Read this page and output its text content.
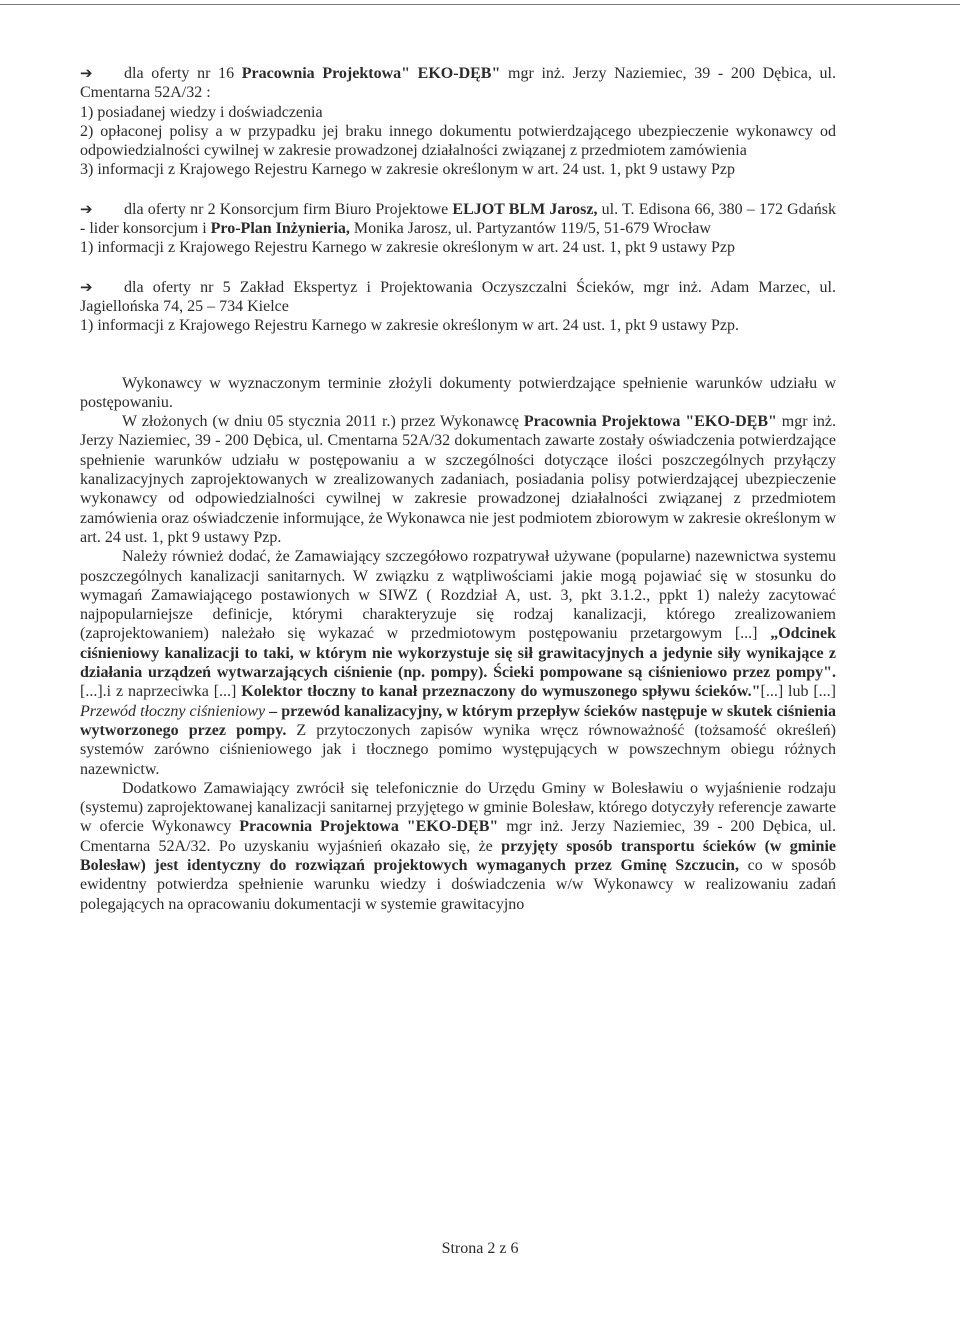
➔ dla oferty nr 16 Pracownia Projektowa" EKO-DĘB" mgr inż. Jerzy Naziemiec, 39 - 200 Dębica, ul. Cmentarna 52A/32 :

1) posiadanej wiedzy i doświadczenia

2) opłaconej polisy a w przypadku jej braku innego dokumentu potwierdzającego ubezpieczenie wykonawcy od odpowiedzialności cywilnej w zakresie prowadzonej działalności związanej z przedmiotem zamówienia

3) informacji z Krajowego Rejestru Karnego w zakresie określonym w art. 24 ust. 1, pkt 9 ustawy Pzp

➔ dla oferty nr 2 Konsorcjum firm Biuro Projektowe ELJOT BLM Jarosz, ul. T. Edisona 66, 380 – 172 Gdańsk - lider konsorcjum i Pro-Plan Inżynieria, Monika Jarosz, ul. Partyzantów 119/5, 51-679 Wrocław

1) informacji z Krajowego Rejestru Karnego w zakresie określonym w art. 24 ust. 1, pkt 9 ustawy Pzp

➔ dla oferty nr 5 Zakład Ekspertyz i Projektowania Oczyszczalni Ścieków, mgr inż. Adam Marzec, ul. Jagiellońska 74, 25 – 734 Kielce

1) informacji z Krajowego Rejestru Karnego w zakresie określonym w art. 24 ust. 1, pkt 9 ustawy Pzp.

Wykonawcy w wyznaczonym terminie złożyli dokumenty potwierdzające spełnienie warunków udziału w postępowaniu.

W złożonych (w dniu 05 stycznia 2011 r.) przez Wykonawcę Pracownia Projektowa "EKO-DĘB" mgr inż. Jerzy Naziemiec, 39 - 200 Dębica, ul. Cmentarna 52A/32 dokumentach zawarte zostały oświadczenia potwierdzające spełnienie warunków udziału w postępowaniu a w szczególności dotyczące ilości poszczególnych przyłączy kanalizacyjnych zaprojektowanych w zrealizowanych zadaniach, posiadania polisy potwierdzającej ubezpieczenie wykonawcy od odpowiedzialności cywilnej w zakresie prowadzonej działalności związanej z przedmiotem zamówienia oraz oświadczenie informujące, że Wykonawca nie jest podmiotem zbiorowym w zakresie określonym w art. 24 ust. 1, pkt 9 ustawy Pzp.

Należy również dodać, że Zamawiający szczegółowo rozpatrywał używane (popularne) nazewnictwa systemu poszczególnych kanalizacji sanitarnych. W związku z wątpliwościami jakie mogą pojawiać się w stosunku do wymagań Zamawiającego postawionych w SIWZ ( Rozdział A, ust. 3, pkt 3.1.2., ppkt 1) należy zacytować najpopularniejsze definicje, którymi charakteryzuje się rodzaj kanalizacji, którego zrealizowaniem (zaprojektowaniem) należało się wykazać w przedmiotowym postępowaniu przetargowym [...] „Odcinek ciśnieniowy kanalizacji to taki, w którym nie wykorzystuje się sił grawitacyjnych a jedynie siły wynikające z działania urządzeń wytwarzających ciśnienie (np. pompy). Ścieki pompowane są ciśnieniowo przez pompy".[...].i z naprzeciwka [...] Kolektor tłoczny to kanał przeznaczony do wymuszonego spływu ścieków."[...] lub [...] Przewód tłoczny ciśnieniowy – przewód kanalizacyjny, w którym przepływ ścieków następuje w skutek ciśnienia wytworzonego przez pompy. Z przytoczonych zapisów wynika wręcz równoważność (tożsamość określeń) systemów zarówno ciśnieniowego jak i tłocznego pomimo występujących w powszechnym obiegu różnych nazewnictw.

Dodatkowo Zamawiający zwrócił się telefonicznie do Urzędu Gminy w Bolesławiu o wyjaśnienie rodzaju (systemu) zaprojektowanej kanalizacji sanitarnej przyjętego w gminie Bolesław, którego dotyczyły referencje zawarte w ofercie Wykonawcy Pracownia Projektowa "EKO-DĘB" mgr inż. Jerzy Naziemiec, 39 - 200 Dębica, ul. Cmentarna 52A/32. Po uzyskaniu wyjaśnień okazało się, że przyjęty sposób transportu ścieków (w gminie Bolesław) jest identyczny do rozwiązań projektowych wymaganych przez Gminę Szczucin, co w sposób ewidentny potwierdza spełnienie warunku wiedzy i doświadczenia w/w Wykonawcy w realizowaniu zadań polegających na opracowaniu dokumentacji w systemie grawitacyjno

Strona 2 z 6
